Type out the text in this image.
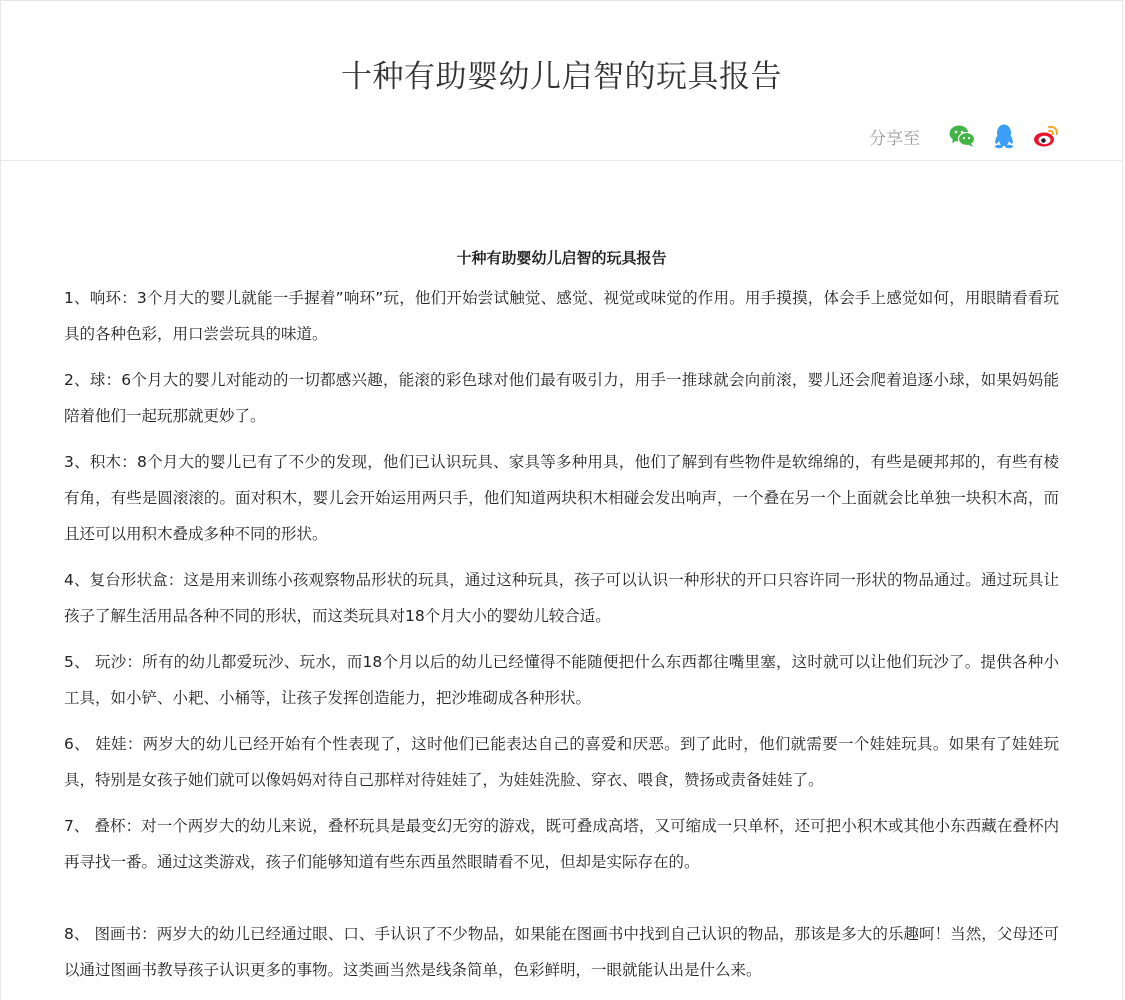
十种有助婴幼儿启智的玩具报告
分享至
十种有助婴幼儿启智的玩具报告

1、响环：3个月大的婴儿就能一手握着”响环”玩，他们开始尝试触觉、感觉、视觉或味觉的作用。用手摸摸，体会手上感觉如何，用眼睛看看玩具的各种色彩，用口尝尝玩具的味道。

2、球：6个月大的婴儿对能动的一切都感兴趣，能滚的彩色球对他们最有吸引力，用手一推球就会向前滚，婴儿还会爬着追逐小球，如果妈妈能陪着他们一起玩那就更妙了。

3、积木：8个月大的婴儿已有了不少的发现，他们已认识玩具、家具等多种用具，他们了解到有些物件是软绵绵的，有些是硬邦邦的，有些有棱有角，有些是圆滚滚的。面对积木，婴儿会开始运用两只手，他们知道两块积木相碰会发出响声，一个叠在另一个上面就会比单独一块积木高，而且还可以用积木叠成多种不同的形状。

4、复台形状盒：这是用来训练小孩观察物品形状的玩具，通过这种玩具，孩子可以认识一种形状的开口只容许同一形状的物品通过。通过玩具让孩子了解生活用品各种不同的形状，而这类玩具对18个月大小的婴幼儿较合适。

5、 玩沙：所有的幼儿都爱玩沙、玩水，而18个月以后的幼儿已经懂得不能随便把什么东西都往嘴里塞，这时就可以让他们玩沙了。提供各种小工具，如小铲、小耙、小桶等，让孩子发挥创造能力，把沙堆砌成各种形状。

6、 娃娃：两岁大的幼儿已经开始有个性表现了，这时他们已能表达自己的喜爱和厌恶。到了此时，他们就需要一个娃娃玩具。如果有了娃娃玩具，特别是女孩子她们就可以像妈妈对待自己那样对待娃娃了，为娃娃洗脸、穿衣、喂食，赞扬或责备娃娃了。

7、 叠杯：对一个两岁大的幼儿来说，叠杯玩具是最变幻无穷的游戏，既可叠成高塔，又可缩成一只单杯，还可把小积木或其他小东西藏在叠杯内再寻找一番。通过这类游戏，孩子们能够知道有些东西虽然眼睛看不见，但却是实际存在的。

8、 图画书：两岁大的幼儿已经通过眼、口、手认识了不少物品，如果能在图画书中找到自己认识的物品，那该是多大的乐趣呵！当然，父母还可以通过图画书教导孩子认识更多的事物。这类画当然是线条简单，色彩鲜明，一眼就能认出是什么来。
